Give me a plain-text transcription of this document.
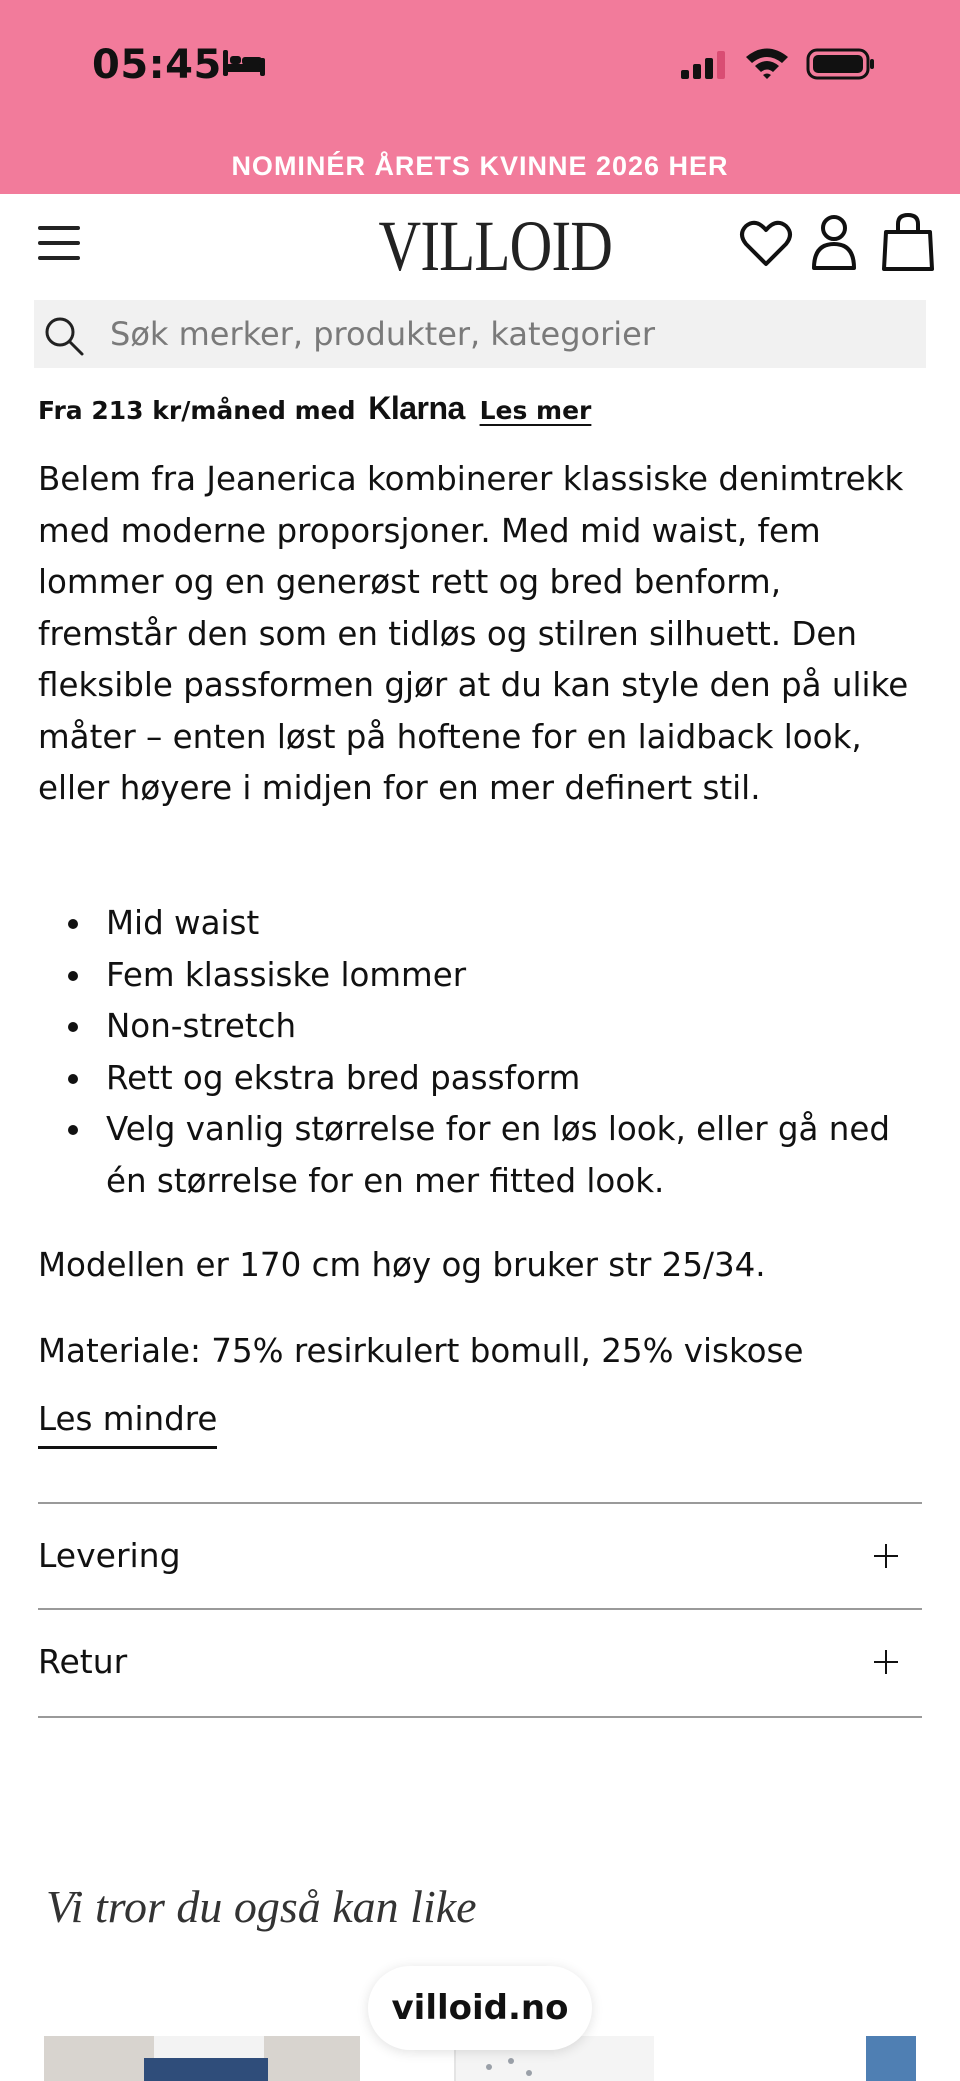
05:45
NOMINÉR ÅRETS KVINNE 2026 HER
VILLOID
Søk merker, produkter, kategorier
Fra 213 kr/måned med Klarna Les mer

Belem fra Jeanerica kombinerer klassiske denimtrekk med moderne proporsjoner. Med mid waist, fem lommer og en generøst rett og bred benform, fremstår den som en tidløs og stilren silhuett. Den fleksible passformen gjør at du kan style den på ulike måter – enten løst på hoftene for en laidback look, eller høyere i midjen for en mer definert stil.

Mid waist
Fem klassiske lommer
Non-stretch
Rett og ekstra bred passform
Velg vanlig størrelse for en løs look, eller gå ned én størrelse for en mer fitted look.
Modellen er 170 cm høy og bruker str 25/34.
Materiale: 75% resirkulert bomull, 25% viskose
Les mindre
Levering
Retur
Vi tror du også kan like
villoid.no
